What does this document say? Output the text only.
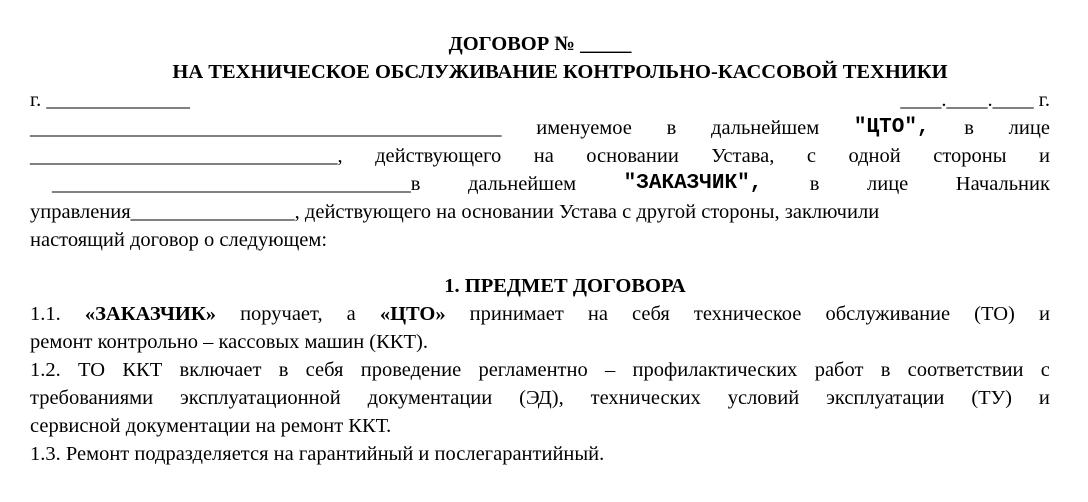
ДОГОВОР № _____
НА ТЕХНИЧЕСКОЕ ОБСЛУЖИВАНИЕ КОНТРОЛЬНО-КАССОВОЙ ТЕХНИКИ
г. ______________	____.____.____ г.
______________________________________________ именуемое в дальнейшем "ЦТО", в лице
______________________________, действующего на основании Устава, с одной стороны и
___________________________________в дальнейшем "ЗАКАЗЧИК", в лице Начальник
управления________________, действующего на основании Устава с другой стороны, заключили
настоящий договор о следующем:
1. ПРЕДМЕТ ДОГОВОРА
1.1. «ЗАКАЗЧИК» поручает, а «ЦТО» принимает на себя техническое обслуживание (ТО) и
ремонт контрольно – кассовых машин (ККТ).
1.2. ТО ККТ включает в себя проведение регламентно – профилактических работ в соответствии с
требованиями эксплуатационной документации (ЭД), технических условий эксплуатации (ТУ) и
сервисной документации на ремонт ККТ.
1.3. Ремонт подразделяется на гарантийный и послегарантийный.
